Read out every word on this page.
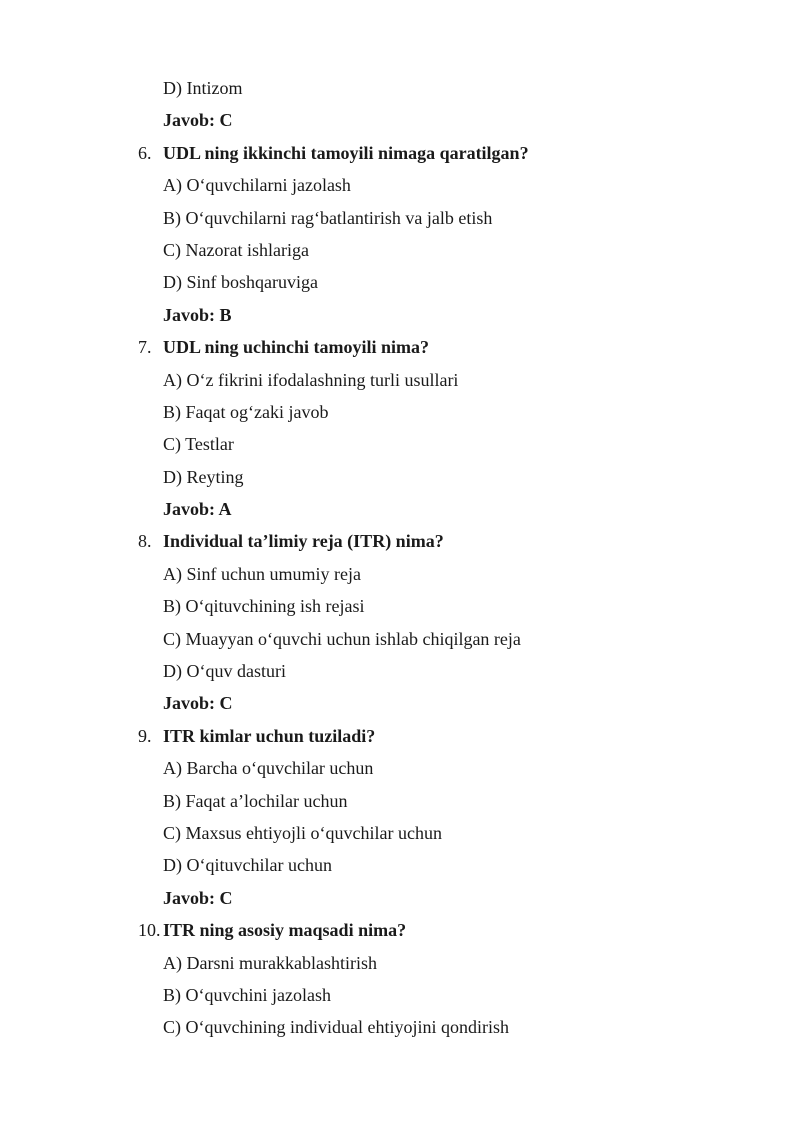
D) Intizom
Javob: C
6. UDL ning ikkinchi tamoyili nimaga qaratilgan?
A) O‘quvchilarni jazolash
B) O‘quvchilarni rag‘batlantirish va jalb etish
C) Nazorat ishlariga
D) Sinf boshqaruviga
Javob: B
7. UDL ning uchinchi tamoyili nima?
A) O‘z fikrini ifodalashning turli usullari
B) Faqat og‘zaki javob
C) Testlar
D) Reyting
Javob: A
8. Individual ta’limiy reja (ITR) nima?
A) Sinf uchun umumiy reja
B) O‘qituvchining ish rejasi
C) Muayyan o‘quvchi uchun ishlab chiqilgan reja
D) O‘quv dasturi
Javob: C
9. ITR kimlar uchun tuziladi?
A) Barcha o‘quvchilar uchun
B) Faqat a’lochilar uchun
C) Maxsus ehtiyojli o‘quvchilar uchun
D) O‘qituvchilar uchun
Javob: C
10. ITR ning asosiy maqsadi nima?
A) Darsni murakkablashtirish
B) O‘quvchini jazolash
C) O‘quvchining individual ehtiyojini qondirish
